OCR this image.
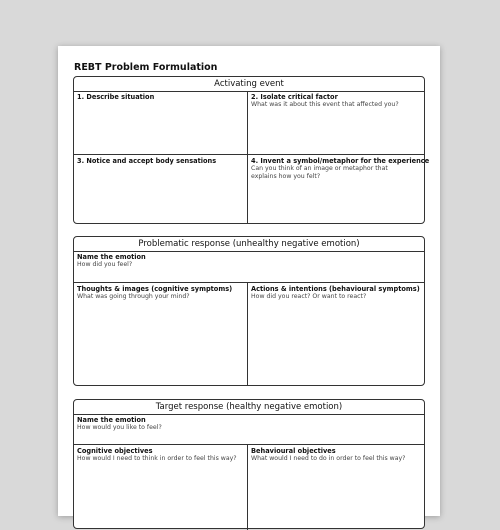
REBT Problem Formulation
Activating event
1. Describe situation	2. Isolate critical factor
What was it about this event that affected you?
3. Notice and accept body sensations	4. Invent a symbol/metaphor for the experience
Can you think of an image or metaphor that explains how you felt?
Problematic response (unhealthy negative emotion)
Name the emotion
How did you feel?
Thoughts & images (cognitive symptoms)
What was going through your mind?
Actions & intentions (behavioural symptoms)
How did you react? Or want to react?
Target response (healthy negative emotion)
Name the emotion
How would you like to feel?
Cognitive objectives
How would I need to think in order to feel this way?
Behavioural objectives
What would I need to do in order to feel this way?
